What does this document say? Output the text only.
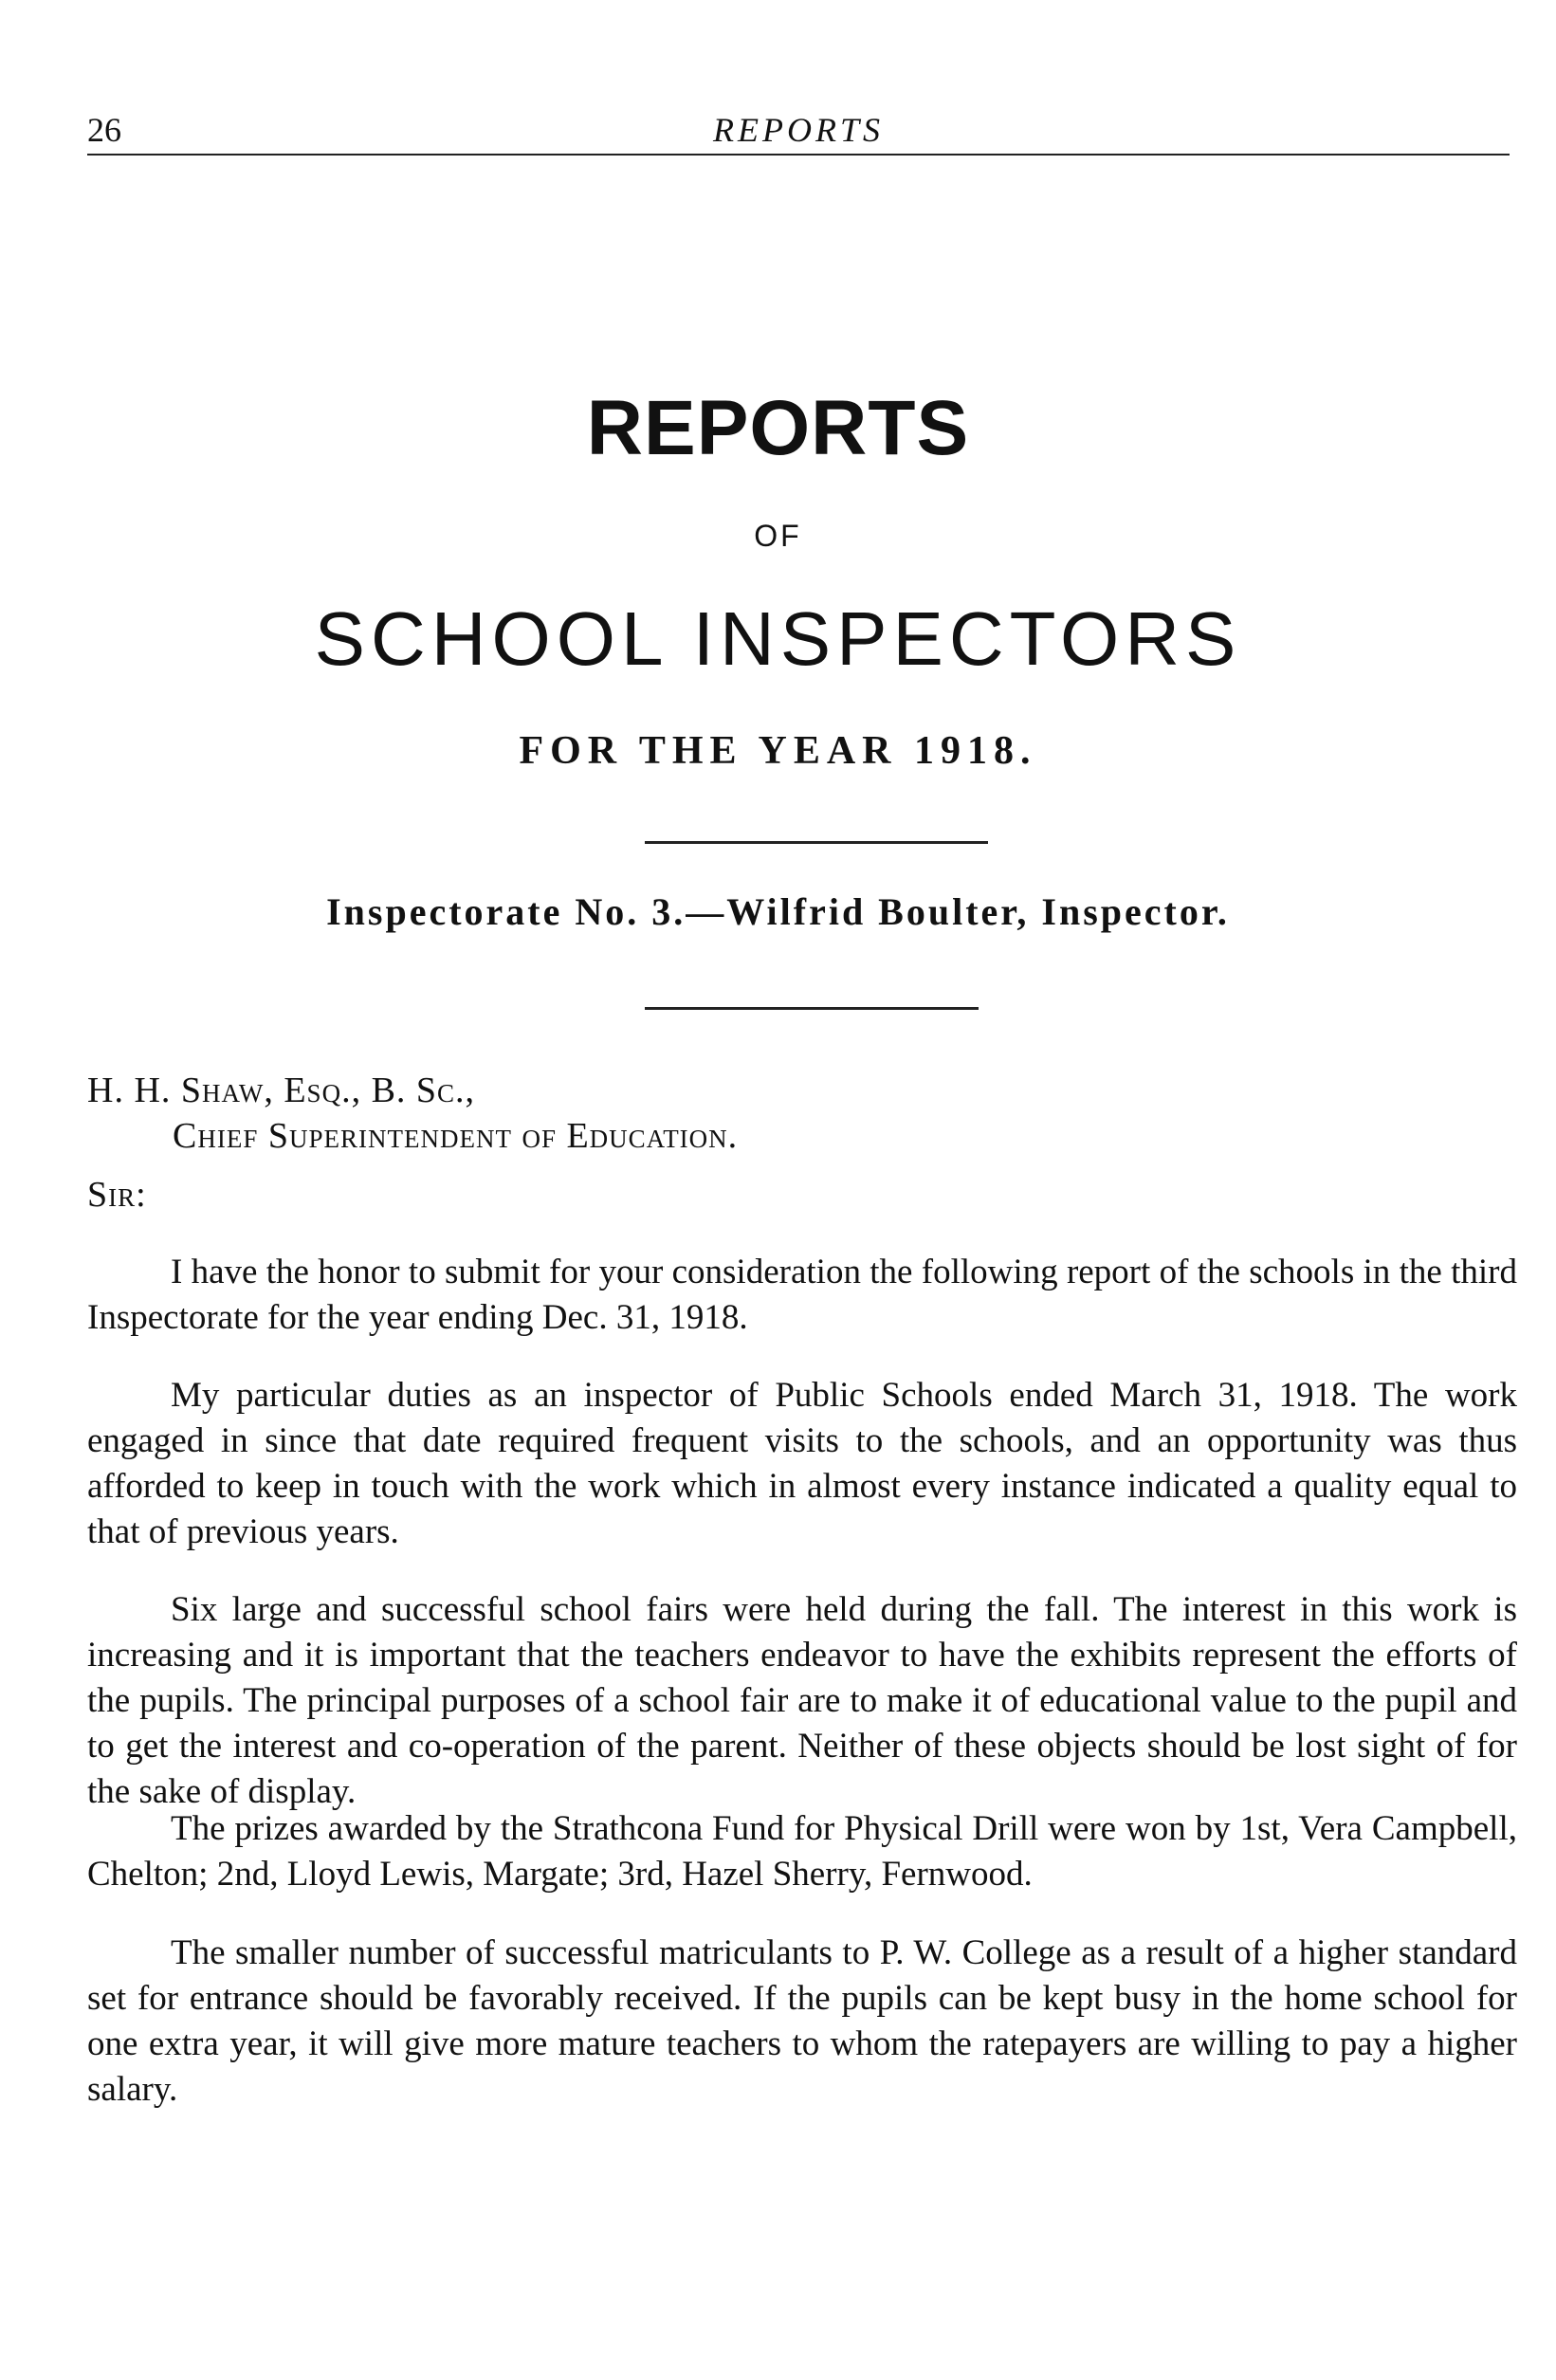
26	REPORTS
REPORTS
OF
SCHOOL INSPECTORS
FOR THE YEAR 1918.
Inspectorate No. 3.—Wilfrid Boulter, Inspector.
H. H. Shaw, Esq., B. Sc.,
Chief Superintendent of Education.
Sir:

I have the honor to submit for your consideration the following report of the schools in the third Inspectorate for the year ending Dec. 31, 1918.

My particular duties as an inspector of Public Schools ended March 31, 1918. The work engaged in since that date required frequent visits to the schools, and an opportunity was thus afforded to keep in touch with the work which in almost every instance indicated a quality equal to that of previous years.

Six large and successful school fairs were held during the fall. The interest in this work is increasing and it is important that the teachers endeavor to have the exhibits represent the efforts of the pupils. The principal purposes of a school fair are to make it of educational value to the pupil and to get the interest and co-operation of the parent. Neither of these objects should be lost sight of for the sake of display.

The prizes awarded by the Strathcona Fund for Physical Drill were won by 1st, Vera Campbell, Chelton; 2nd, Lloyd Lewis, Margate; 3rd, Hazel Sherry, Fernwood.

The smaller number of successful matriculants to P. W. College as a result of a higher standard set for entrance should be favorably received. If the pupils can be kept busy in the home school for one extra year, it will give more mature teachers to whom the ratepayers are willing to pay a higher salary.
